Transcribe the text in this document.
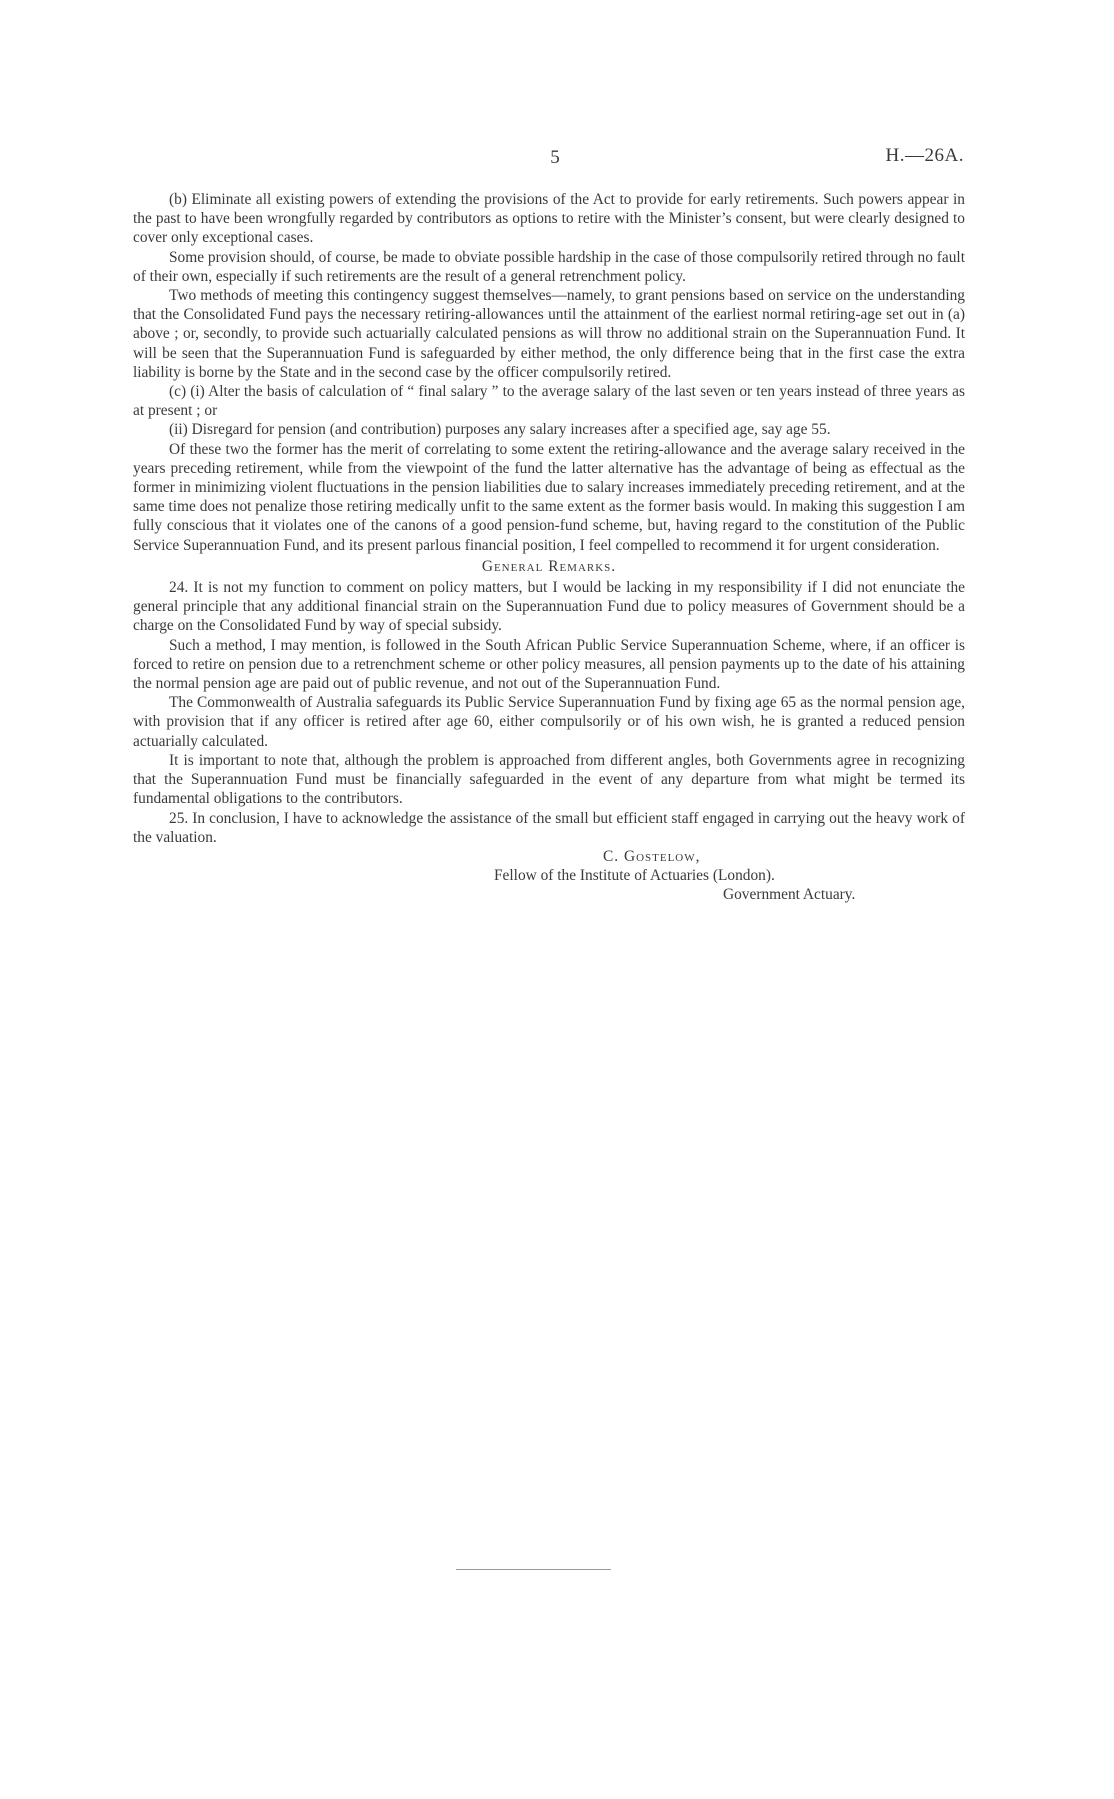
5	H.—26A.

(b) Eliminate all existing powers of extending the provisions of the Act to provide for early retirements. Such powers appear in the past to have been wrongfully regarded by contributors as options to retire with the Minister’s consent, but were clearly designed to cover only exceptional cases.

Some provision should, of course, be made to obviate possible hardship in the case of those compulsorily retired through no fault of their own, especially if such retirements are the result of a general retrenchment policy.

Two methods of meeting this contingency suggest themselves—namely, to grant pensions based on service on the understanding that the Consolidated Fund pays the necessary retiring-allowances until the attainment of the earliest normal retiring-age set out in (a) above ; or, secondly, to provide such actuarially calculated pensions as will throw no additional strain on the Superannuation Fund. It will be seen that the Superannuation Fund is safeguarded by either method, the only difference being that in the first case the extra liability is borne by the State and in the second case by the officer compulsorily retired.

(c) (i) Alter the basis of calculation of “ final salary ” to the average salary of the last seven or ten years instead of three years as at present ; or

(ii) Disregard for pension (and contribution) purposes any salary increases after a specified age, say age 55.

Of these two the former has the merit of correlating to some extent the retiring-allowance and the average salary received in the years preceding retirement, while from the viewpoint of the fund the latter alternative has the advantage of being as effectual as the former in minimizing violent fluctuations in the pension liabilities due to salary increases immediately preceding retirement, and at the same time does not penalize those retiring medically unfit to the same extent as the former basis would. In making this suggestion I am fully conscious that it violates one of the canons of a good pension-fund scheme, but, having regard to the constitution of the Public Service Superannuation Fund, and its present parlous financial position, I feel compelled to recommend it for urgent consideration.

General Remarks.

24. It is not my function to comment on policy matters, but I would be lacking in my responsibility if I did not enunciate the general principle that any additional financial strain on the Superannuation Fund due to policy measures of Government should be a charge on the Consolidated Fund by way of special subsidy.

Such a method, I may mention, is followed in the South African Public Service Superannuation Scheme, where, if an officer is forced to retire on pension due to a retrenchment scheme or other policy measures, all pension payments up to the date of his attaining the normal pension age are paid out of public revenue, and not out of the Superannuation Fund.

The Commonwealth of Australia safeguards its Public Service Superannuation Fund by fixing age 65 as the normal pension age, with provision that if any officer is retired after age 60, either compulsorily or of his own wish, he is granted a reduced pension actuarially calculated.

It is important to note that, although the problem is approached from different angles, both Governments agree in recognizing that the Superannuation Fund must be financially safeguarded in the event of any departure from what might be termed its fundamental obligations to the contributors.

25. In conclusion, I have to acknowledge the assistance of the small but efficient staff engaged in carrying out the heavy work of the valuation.

C. Gostelow,
Fellow of the Institute of Actuaries (London).
Government Actuary.
